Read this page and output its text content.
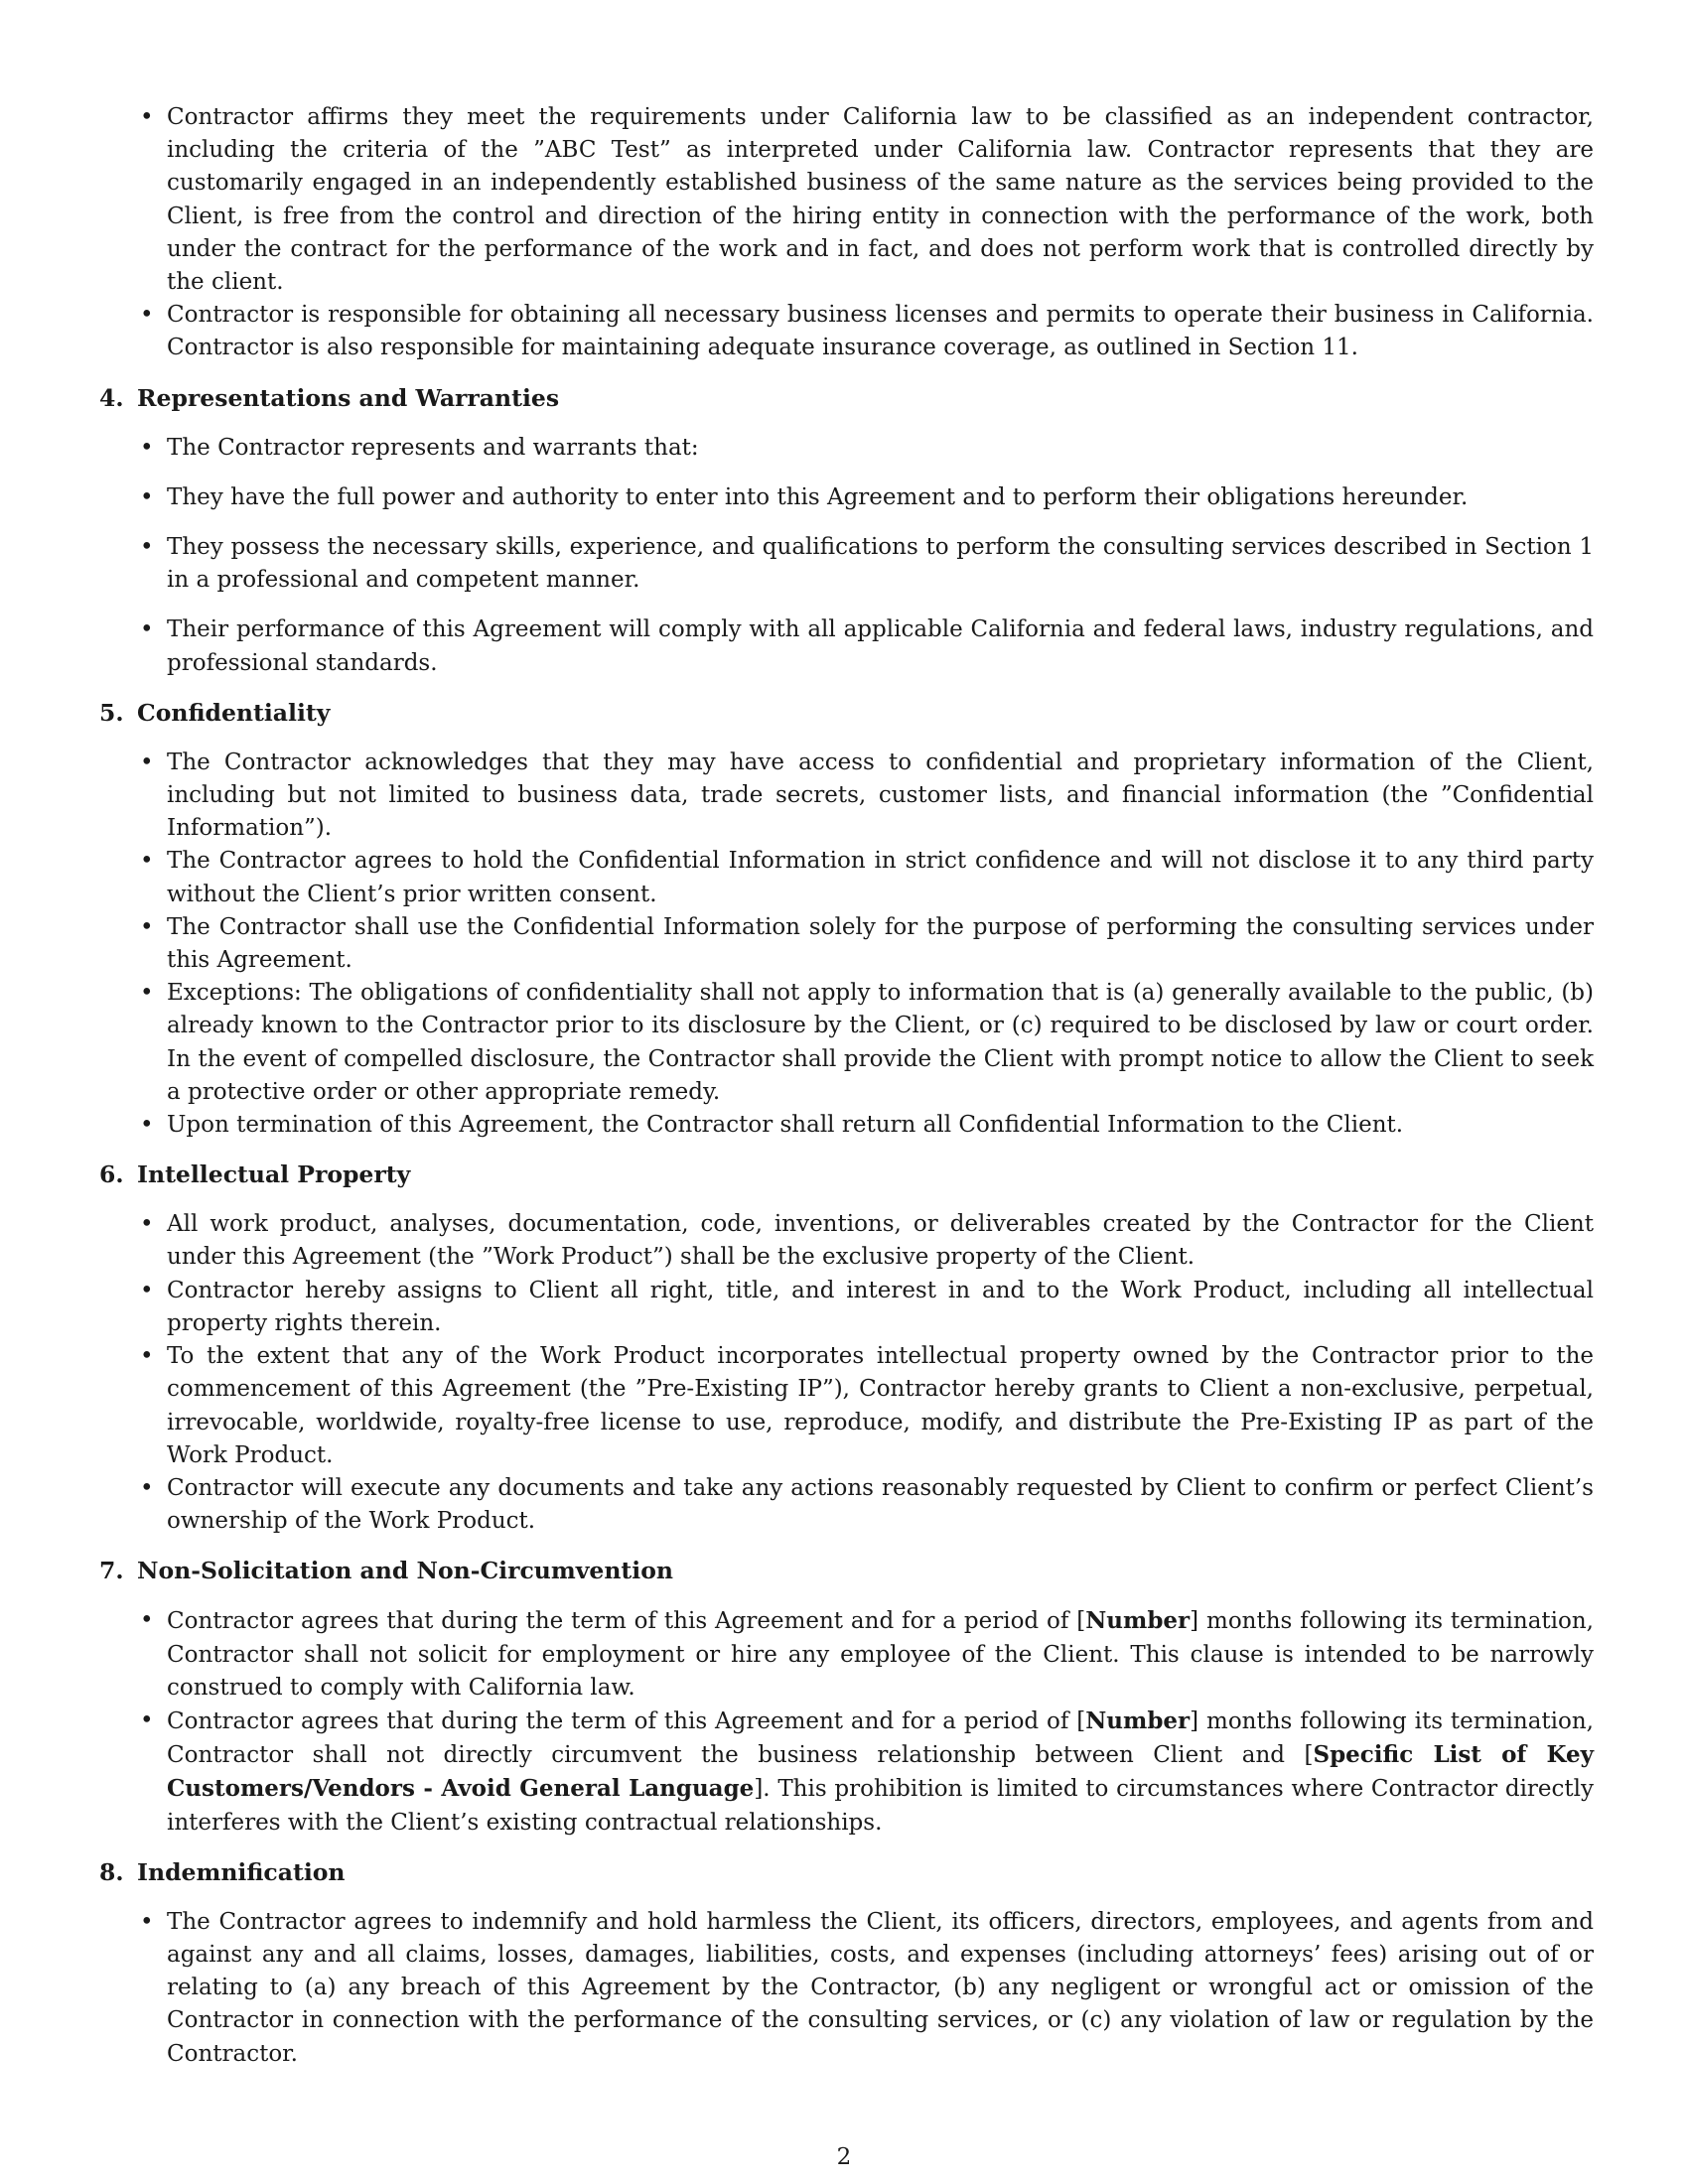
• Contractor affirms they meet the requirements under California law to be classified as an independent contractor, including the criteria of the ”ABC Test” as interpreted under California law. Contractor represents that they are customarily engaged in an independently established business of the same nature as the services being provided to the Client, is free from the control and direction of the hiring entity in connection with the performance of the work, both under the contract for the performance of the work and in fact, and does not perform work that is controlled directly by the client.
• Contractor is responsible for obtaining all necessary business licenses and permits to operate their business in California. Contractor is also responsible for maintaining adequate insurance coverage, as outlined in Section 11.
4. Representations and Warranties
• The Contractor represents and warrants that:
• They have the full power and authority to enter into this Agreement and to perform their obligations hereunder.
• They possess the necessary skills, experience, and qualifications to perform the consulting services described in Section 1 in a professional and competent manner.
• Their performance of this Agreement will comply with all applicable California and federal laws, industry regulations, and professional standards.
5. Confidentiality
• The Contractor acknowledges that they may have access to confidential and proprietary information of the Client, including but not limited to business data, trade secrets, customer lists, and financial information (the ”Confidential Information”).
• The Contractor agrees to hold the Confidential Information in strict confidence and will not disclose it to any third party without the Client’s prior written consent.
• The Contractor shall use the Confidential Information solely for the purpose of performing the consulting services under this Agreement.
• Exceptions: The obligations of confidentiality shall not apply to information that is (a) generally available to the public, (b) already known to the Contractor prior to its disclosure by the Client, or (c) required to be disclosed by law or court order. In the event of compelled disclosure, the Contractor shall provide the Client with prompt notice to allow the Client to seek a protective order or other appropriate remedy.
• Upon termination of this Agreement, the Contractor shall return all Confidential Information to the Client.
6. Intellectual Property
• All work product, analyses, documentation, code, inventions, or deliverables created by the Contractor for the Client under this Agreement (the ”Work Product”) shall be the exclusive property of the Client.
• Contractor hereby assigns to Client all right, title, and interest in and to the Work Product, including all intellectual property rights therein.
• To the extent that any of the Work Product incorporates intellectual property owned by the Contractor prior to the commencement of this Agreement (the ”Pre-Existing IP”), Contractor hereby grants to Client a non-exclusive, perpetual, irrevocable, worldwide, royalty-free license to use, reproduce, modify, and distribute the Pre-Existing IP as part of the Work Product.
• Contractor will execute any documents and take any actions reasonably requested by Client to confirm or perfect Client’s ownership of the Work Product.
7. Non-Solicitation and Non-Circumvention
• Contractor agrees that during the term of this Agreement and for a period of [Number] months following its termination, Contractor shall not solicit for employment or hire any employee of the Client. This clause is intended to be narrowly construed to comply with California law.
• Contractor agrees that during the term of this Agreement and for a period of [Number] months following its termination, Contractor shall not directly circumvent the business relationship between Client and [Specific List of Key Customers/Vendors - Avoid General Language]. This prohibition is limited to circumstances where Contractor directly interferes with the Client’s existing contractual relationships.
8. Indemnification
• The Contractor agrees to indemnify and hold harmless the Client, its officers, directors, employees, and agents from and against any and all claims, losses, damages, liabilities, costs, and expenses (including attorneys’ fees) arising out of or relating to (a) any breach of this Agreement by the Contractor, (b) any negligent or wrongful act or omission of the Contractor in connection with the performance of the consulting services, or (c) any violation of law or regulation by the Contractor.
2
